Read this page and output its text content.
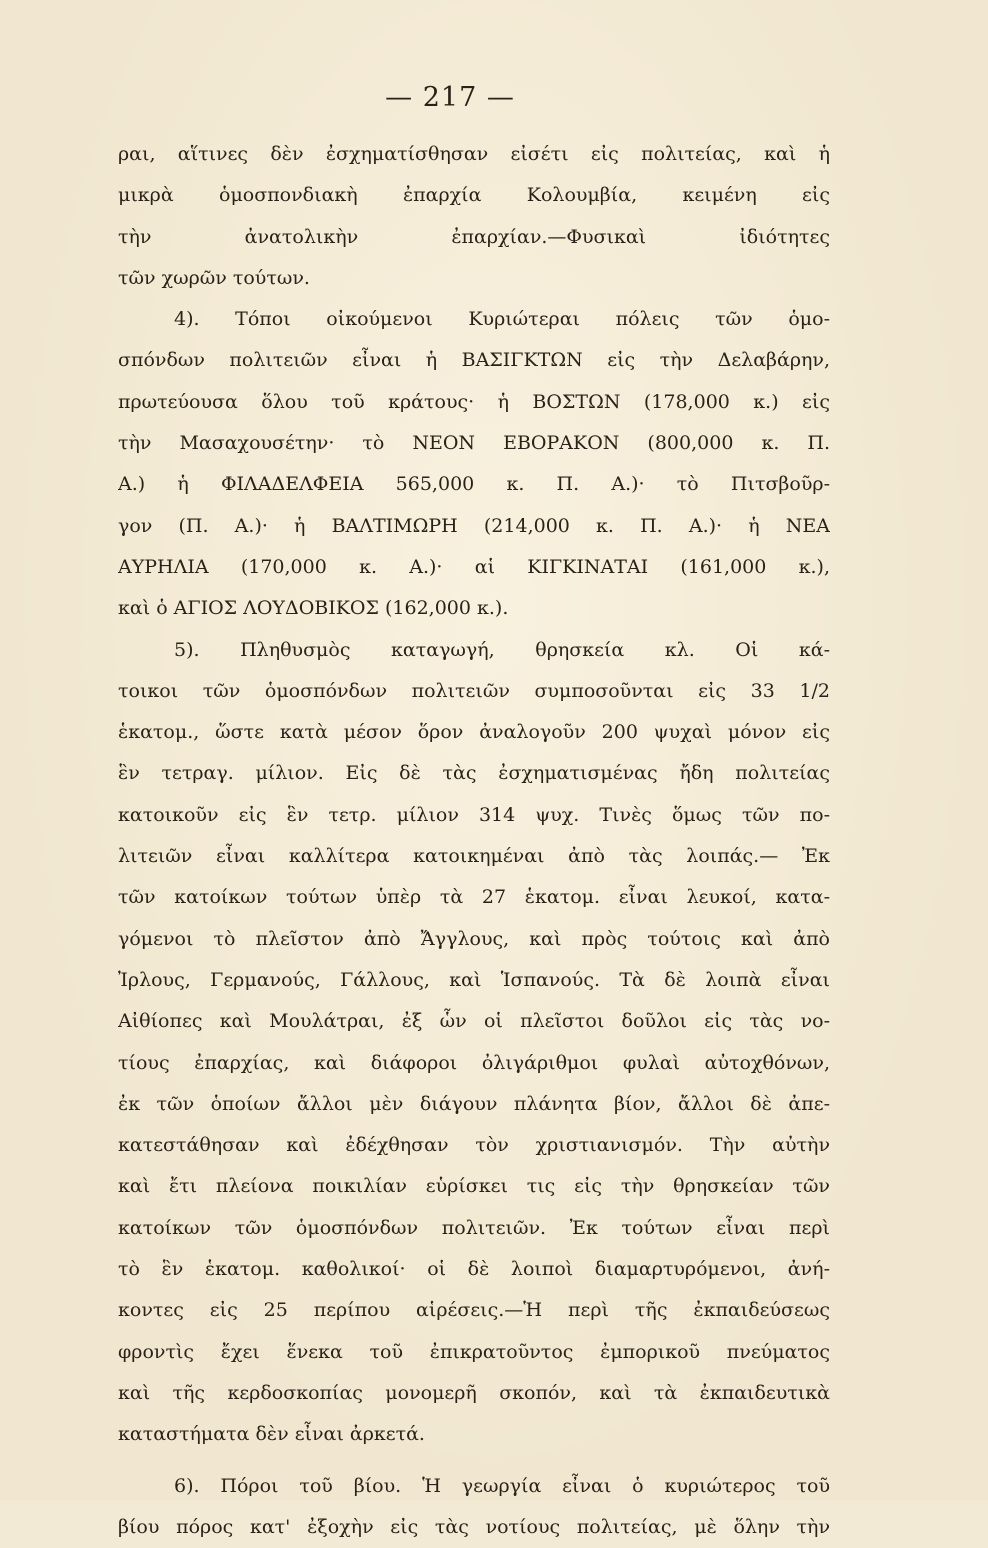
— 217 —
ραι, αἵτινες δὲν ἐσχηματίσθησαν εἰσέτι εἰς πολιτείας, καὶ ἡ
μικρὰ ὁμοσπονδιακὴ ἐπαρχία Κολουμβία, κειμένη εἰς
τὴν ἀνατολικὴν ἐπαρχίαν.—Φυσικαὶ ἰδιότητες
τῶν χωρῶν τούτων.
4). Τόποι οἰκούμενοι Κυριώτεραι πόλεις τῶν ὁμο-
σπόνδων πολιτειῶν εἶναι ἡ ΒΑΣΙΓΚΤΩΝ εἰς τὴν Δελαβάρην,
πρωτεύουσα ὅλου τοῦ κράτους· ἡ ΒΟΣΤΩΝ (178,000 κ.) εἰς
τὴν Μασαχουσέτην· τὸ ΝΕΟΝ ΕΒΟΡΑΚΟΝ (800,000 κ. Π.
Α.) ἡ ΦΙΛΑΔΕΛΦΕΙΑ 565,000 κ. Π. Α.)· τὸ Πιτσβοῦρ-
γον (Π. Α.)· ἡ ΒΑΛΤΙΜΩΡΗ (214,000 κ. Π. Α.)· ἡ ΝΕΑ
ΑΥΡΗΛΙΑ (170,000 κ. Α.)· αἱ ΚΙΓΚΙΝΑΤΑΙ (161,000 κ.),
καὶ ὁ ΑΓΙΟΣ ΛΟΥΔΟΒΙΚΟΣ (162,000 κ.).
5). Πληθυσμὸς καταγωγή, θρησκεία κλ. Οἱ κά-
τοικοι τῶν ὁμοσπόνδων πολιτειῶν συμποσοῦνται εἰς 33 1/2
ἑκατομ., ὥστε κατὰ μέσον ὅρον ἀναλογοῦν 200 ψυχαὶ μόνον εἰς
ἓν τετραγ. μίλιον. Εἰς δὲ τὰς ἐσχηματισμένας ἤδη πολιτείας
κατοικοῦν εἰς ἓν τετρ. μίλιον 314 ψυχ. Τινὲς ὅμως τῶν πο-
λιτειῶν εἶναι καλλίτερα κατοικημέναι ἀπὸ τὰς λοιπάς.— Ἐκ
τῶν κατοίκων τούτων ὑπὲρ τὰ 27 ἑκατομ. εἶναι λευκοί, κατα-
γόμενοι τὸ πλεῖστον ἀπὸ Ἄγγλους, καὶ πρὸς τούτοις καὶ ἀπὸ
Ἰρλους, Γερμανούς, Γάλλους, καὶ Ἱσπανούς. Τὰ δὲ λοιπὰ εἶναι
Αἰθίοπες καὶ Μουλάτραι, ἐξ ὧν οἱ πλεῖστοι δοῦλοι εἰς τὰς νο-
τίους ἐπαρχίας, καὶ διάφοροι ὀλιγάριθμοι φυλαὶ αὐτοχθόνων,
ἐκ τῶν ὁποίων ἄλλοι μὲν διάγουν πλάνητα βίον, ἄλλοι δὲ ἀπε-
κατεστάθησαν καὶ ἐδέχθησαν τὸν χριστιανισμόν. Τὴν αὐτὴν
καὶ ἔτι πλείονα ποικιλίαν εὑρίσκει τις εἰς τὴν θρησκείαν τῶν
κατοίκων τῶν ὁμοσπόνδων πολιτειῶν. Ἐκ τούτων εἶναι περὶ
τὸ ἓν ἑκατομ. καθολικοί· οἱ δὲ λοιποὶ διαμαρτυρόμενοι, ἀνή-
κοντες εἰς 25 περίπου αἱρέσεις.—Ἡ περὶ τῆς ἐκπαιδεύσεως
φροντὶς ἔχει ἕνεκα τοῦ ἐπικρατοῦντος ἐμπορικοῦ πνεύματος
καὶ τῆς κερδοσκοπίας μονομερῆ σκοπόν, καὶ τὰ ἐκπαιδευτικὰ
καταστήματα δὲν εἶναι ἀρκετά.
6). Πόροι τοῦ βίου. Ἡ γεωργία εἶναι ὁ κυριώτερος τοῦ
βίου πόρος κατ' ἐξοχὴν εἰς τὰς νοτίους πολιτείας, μὲ ὅλην τὴν
